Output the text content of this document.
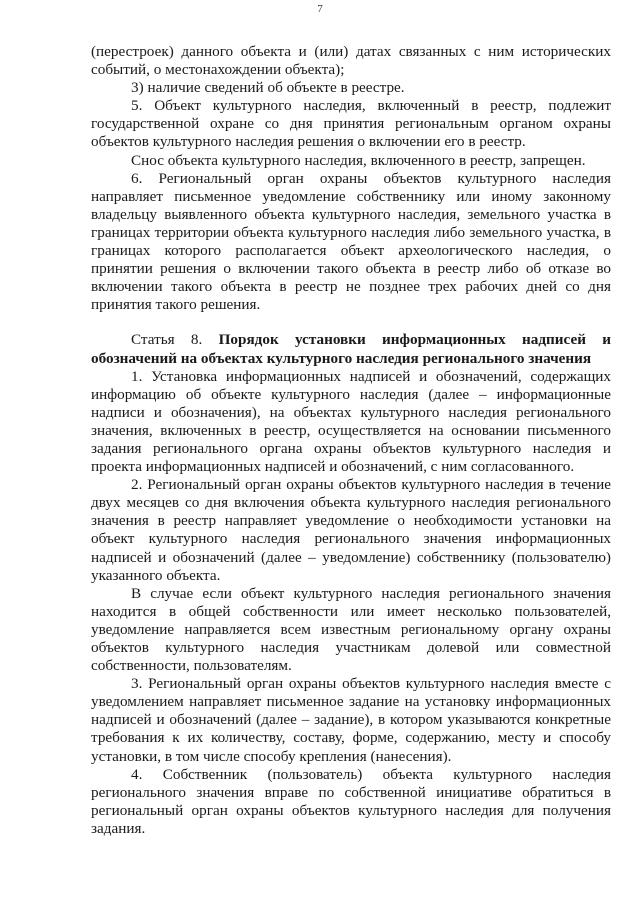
7

(перестроек) данного объекта и (или) датах связанных с ним исторических событий, о местонахождении объекта);

3) наличие сведений об объекте в реестре.

5. Объект культурного наследия, включенный в реестр, подлежит государственной охране со дня принятия региональным органом охраны объектов культурного наследия решения о включении его в реестр.

Снос объекта культурного наследия, включенного в реестр, запрещен.

6. Региональный орган охраны объектов культурного наследия направляет письменное уведомление собственнику или иному законному владельцу выявленного объекта культурного наследия, земельного участка в границах территории объекта культурного наследия либо земельного участка, в границах которого располагается объект археологического наследия, о принятии решения о включении такого объекта в реестр либо об отказе во включении такого объекта в реестр не позднее трех рабочих дней со дня принятия такого решения.

Статья 8. Порядок установки информационных надписей и обозначений на объектах культурного наследия регионального значения

1. Установка информационных надписей и обозначений, содержащих информацию об объекте культурного наследия (далее – информационные надписи и обозначения), на объектах культурного наследия регионального значения, включенных в реестр, осуществляется на основании письменного задания регионального органа охраны объектов культурного наследия и проекта информационных надписей и обозначений, с ним согласованного.

2. Региональный орган охраны объектов культурного наследия в течение двух месяцев со дня включения объекта культурного наследия регионального значения в реестр направляет уведомление о необходимости установки на объект культурного наследия регионального значения информационных надписей и обозначений (далее – уведомление) собственнику (пользователю) указанного объекта.

В случае если объект культурного наследия регионального значения находится в общей собственности или имеет несколько пользователей, уведомление направляется всем известным региональному органу охраны объектов культурного наследия участникам долевой или совместной собственности, пользователям.

3. Региональный орган охраны объектов культурного наследия вместе с уведомлением направляет письменное задание на установку информационных надписей и обозначений (далее – задание), в котором указываются конкретные требования к их количеству, составу, форме, содержанию, месту и способу установки, в том числе способу крепления (нанесения).

4. Собственник (пользователь) объекта культурного наследия регионального значения вправе по собственной инициативе обратиться в региональный орган охраны объектов культурного наследия для получения задания.
